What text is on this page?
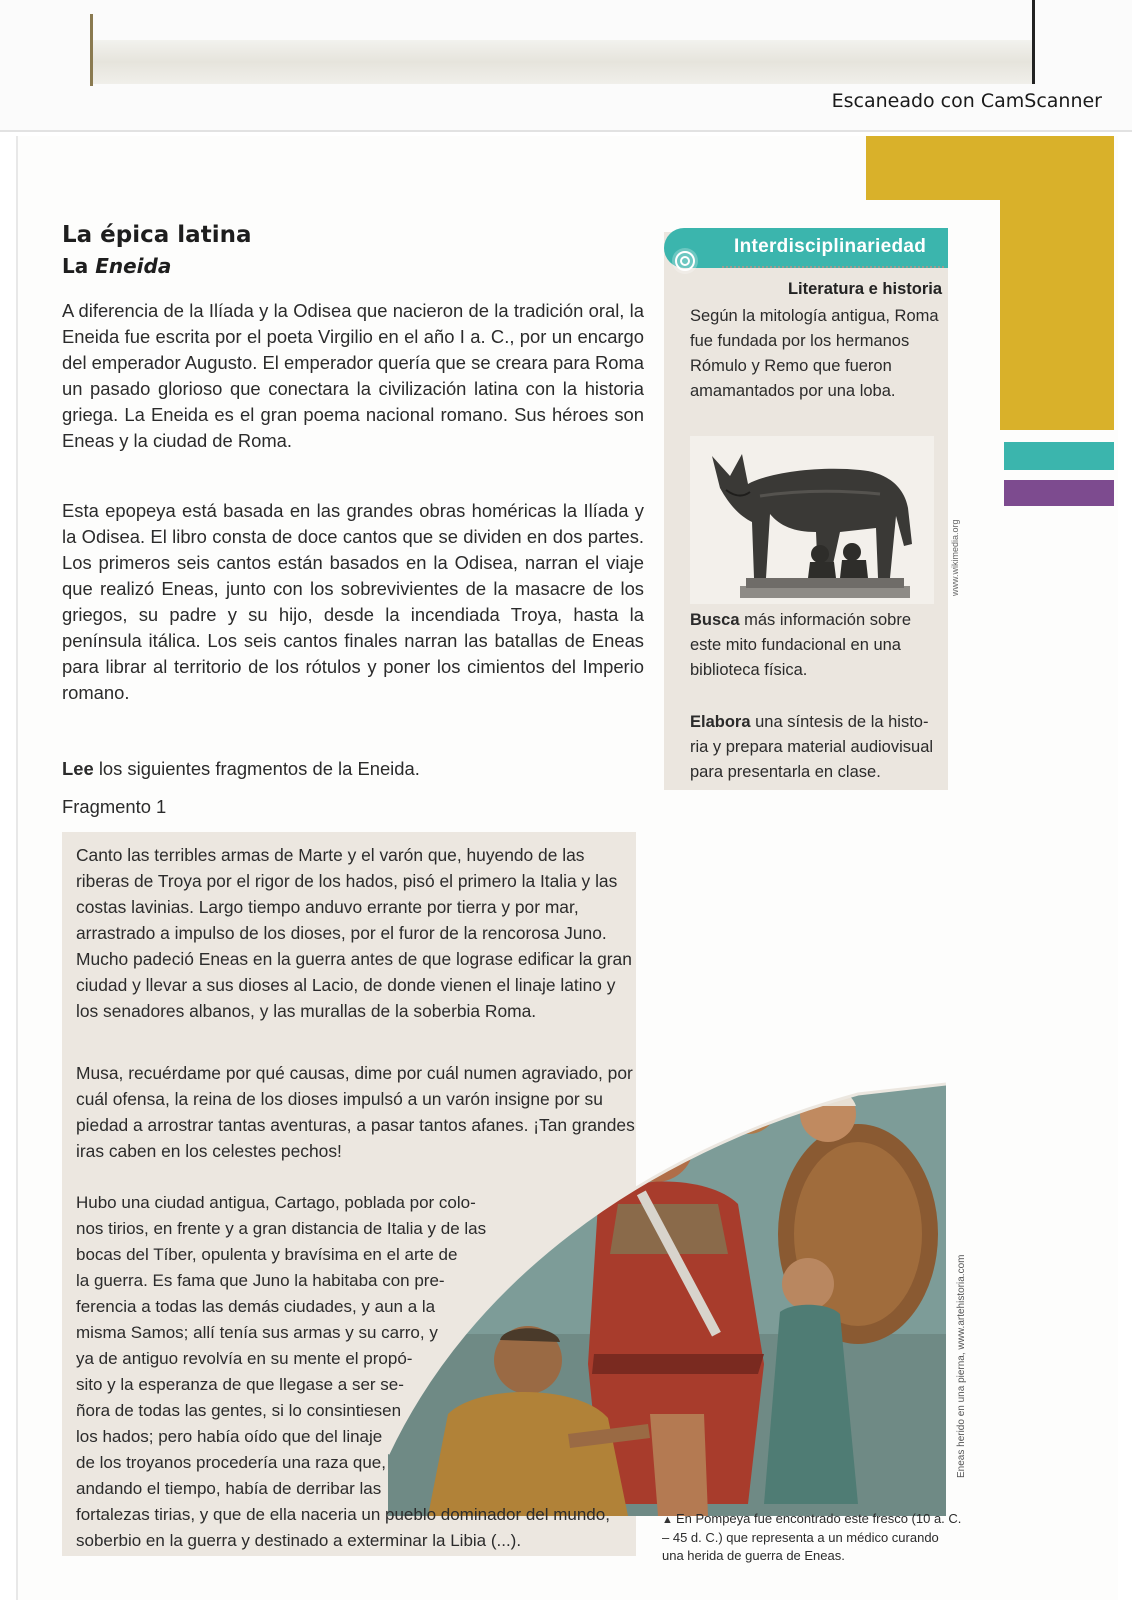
Escaneado con CamScanner
La épica latina
La Eneida

A diferencia de la Ilíada y la Odisea que nacieron de la tradición oral, la Eneida fue escrita por el poeta Virgilio en el año I a. C., por un encargo del emperador Augusto. El emperador quería que se creara para Roma un pasado glorioso que conectara la civilización latina con la historia griega. La Eneida es el gran poema nacional romano. Sus héroes son Eneas y la ciudad de Roma.

Esta epopeya está basada en las grandes obras homéricas la Ilíada y la Odisea. El libro consta de doce cantos que se dividen en dos partes. Los primeros seis cantos están basados en la Odisea, narran el viaje que realizó Eneas, junto con los sobrevivientes de la masacre de los griegos, su padre y su hijo, desde la incendiada Troya, hasta la península itálica. Los seis cantos finales narran las batallas de Eneas para librar al territorio de los rótulos y poner los cimientos del Imperio romano.

Lee los siguientes fragmentos de la Eneida.
Fragmento 1
Interdisciplinariedad
Literatura e historia

Según la mitología antigua, Roma fue fundada por los hermanos Rómulo y Remo que fueron amamantados por una loba.

www.wikimedia.org

Busca más información sobre este mito fundacional en una biblioteca física.

Elabora una síntesis de la historia y prepara material audiovisual para presentarla en clase.

Canto las terribles armas de Marte y el varón que, huyendo de las riberas de Troya por el rigor de los hados, pisó el primero la Italia y las costas lavinias. Largo tiempo anduvo errante por tierra y por mar, arrastrado a impulso de los dioses, por el furor de la rencorosa Juno. Mucho padeció Eneas en la guerra antes de que lograse edificar la gran ciudad y llevar a sus dioses al Lacio, de donde vienen el linaje latino y los senadores albanos, y las murallas de la soberbia Roma.

Musa, recuérdame por qué causas, dime por cuál numen agraviado, por cuál ofensa, la reina de los dioses impulsó a un varón insigne por su piedad a arrostrar tantas aventuras, a pasar tantos afanes. ¡Tan grandes iras caben en los celestes pechos!

Hubo una ciudad antigua, Cartago, poblada por colo-
nos tirios, en frente y a gran distancia de Italia y de las
bocas del Tíber, opulenta y bravísima en el arte de
la guerra. Es fama que Juno la habitaba con pre-
ferencia a todas las demás ciudades, y aun a la
misma Samos; allí tenía sus armas y su carro, y
ya de antiguo revolvía en su mente el propó-
sito y la esperanza de que llegase a ser se-
ñora de todas las gentes, si lo consintiesen
los hados; pero había oído que del linaje
de los troyanos procedería una raza que,
andando el tiempo, había de derribar las
fortalezas tirias, y que de ella naceria un pueblo dominador del mundo,
soberbio en la guerra y destinado a exterminar la Libia (...).
Eneas herido en una pierna, www.artehistoria.com
▲ En Pompeya fue encontrado este fresco (10 a. C. – 45 d. C.) que representa a un médico curando una herida de guerra de Eneas.
